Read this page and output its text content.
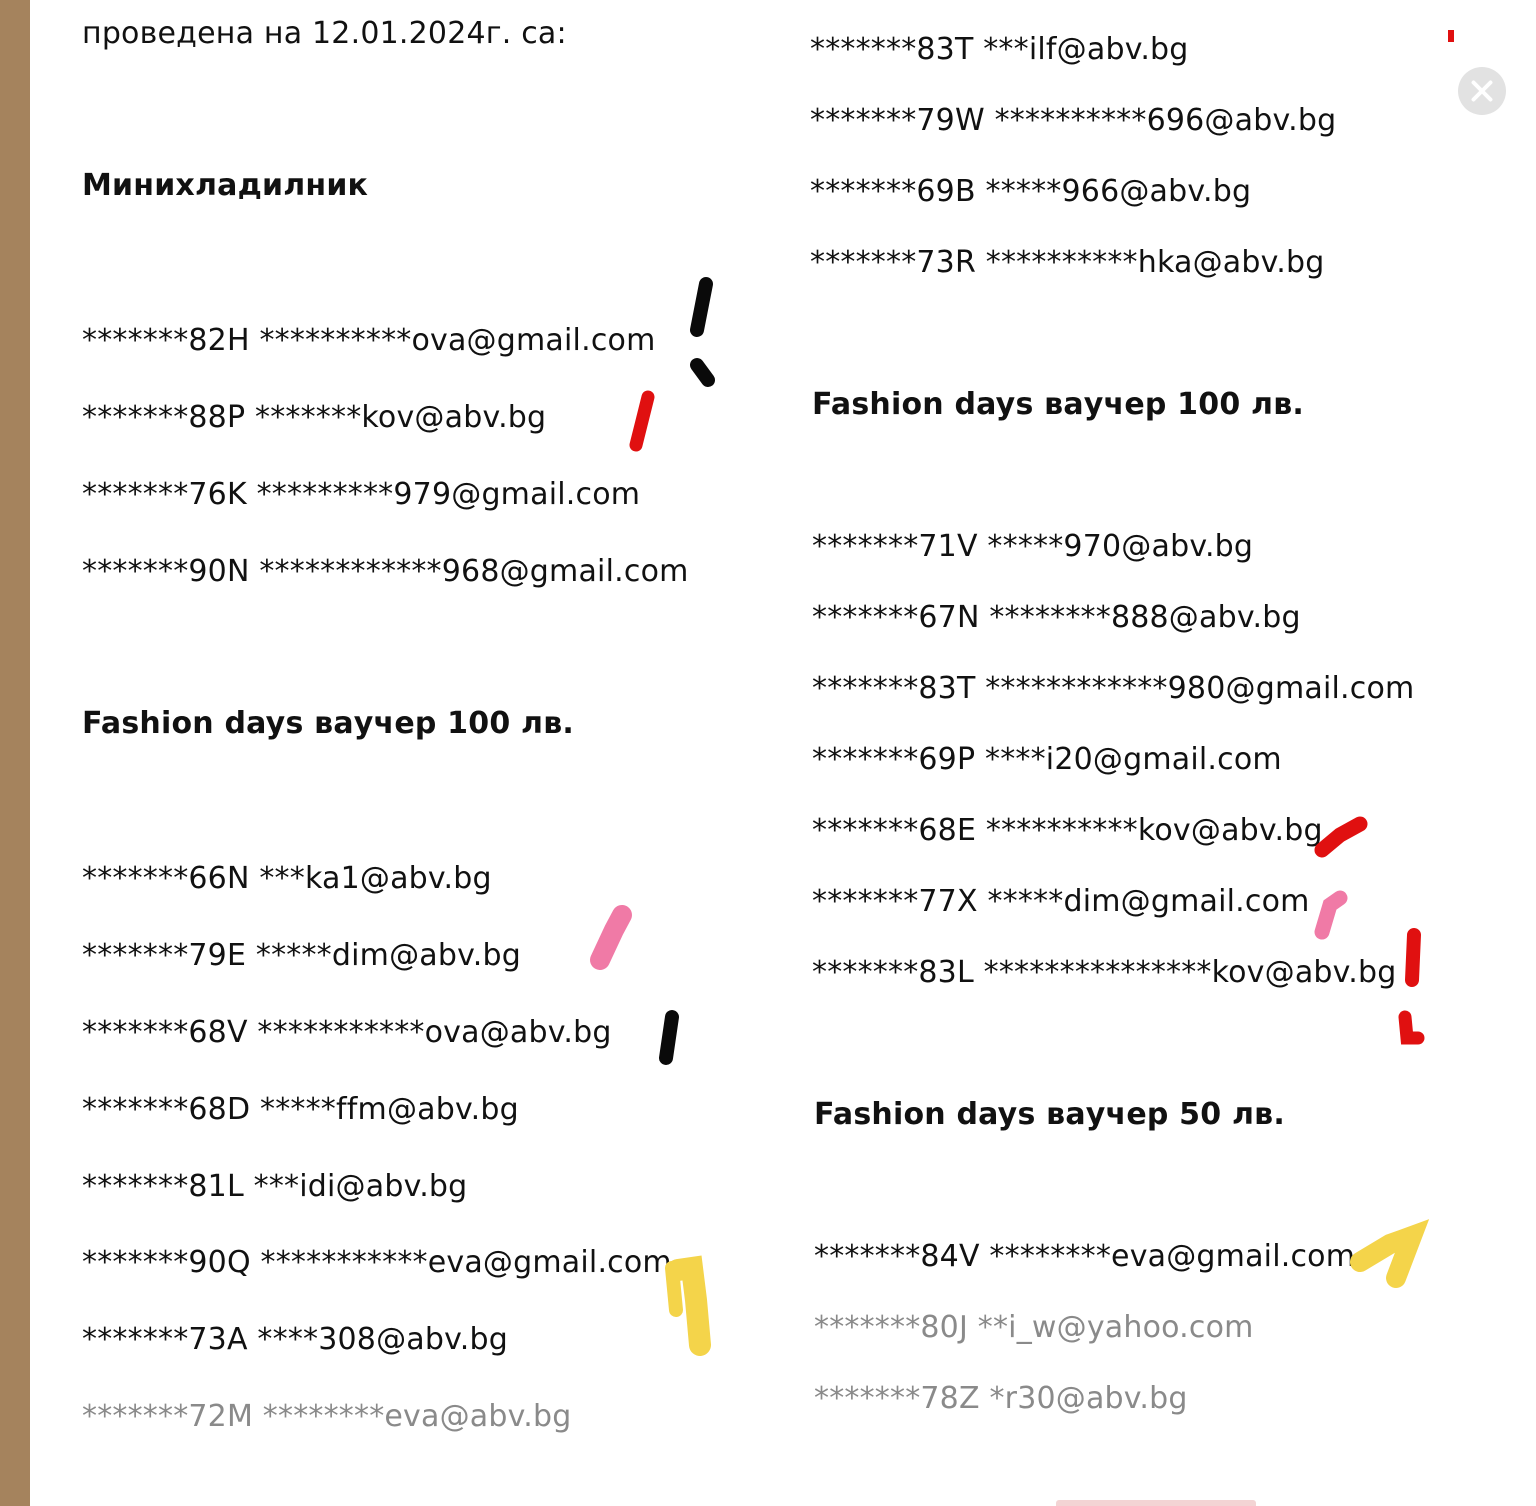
проведена на 12.01.2024г. са:
Минихладилник
*******82H **********ova@gmail.com
*******88P *******kov@abv.bg
*******76K *********979@gmail.com
*******90N ************968@gmail.com
Fashion days ваучер 100 лв.
*******66N ***ka1@abv.bg
*******79E *****dim@abv.bg
*******68V ***********ova@abv.bg
*******68D *****ffm@abv.bg
*******81L ***idi@abv.bg
*******90Q ***********eva@gmail.com
*******73A ****308@abv.bg
*******72M ********eva@abv.bg
*******83T ***ilf@abv.bg
*******79W **********696@abv.bg
*******69B *****966@abv.bg
*******73R **********hka@abv.bg
Fashion days ваучер 100 лв.
*******71V *****970@abv.bg
*******67N ********888@abv.bg
*******83T ************980@gmail.com
*******69P ****i20@gmail.com
*******68E **********kov@abv.bg
*******77X *****dim@gmail.com
*******83L ***************kov@abv.bg
Fashion days ваучер 50 лв.
*******84V ********eva@gmail.com
*******80J **i_w@yahoo.com
*******78Z *r30@abv.bg
